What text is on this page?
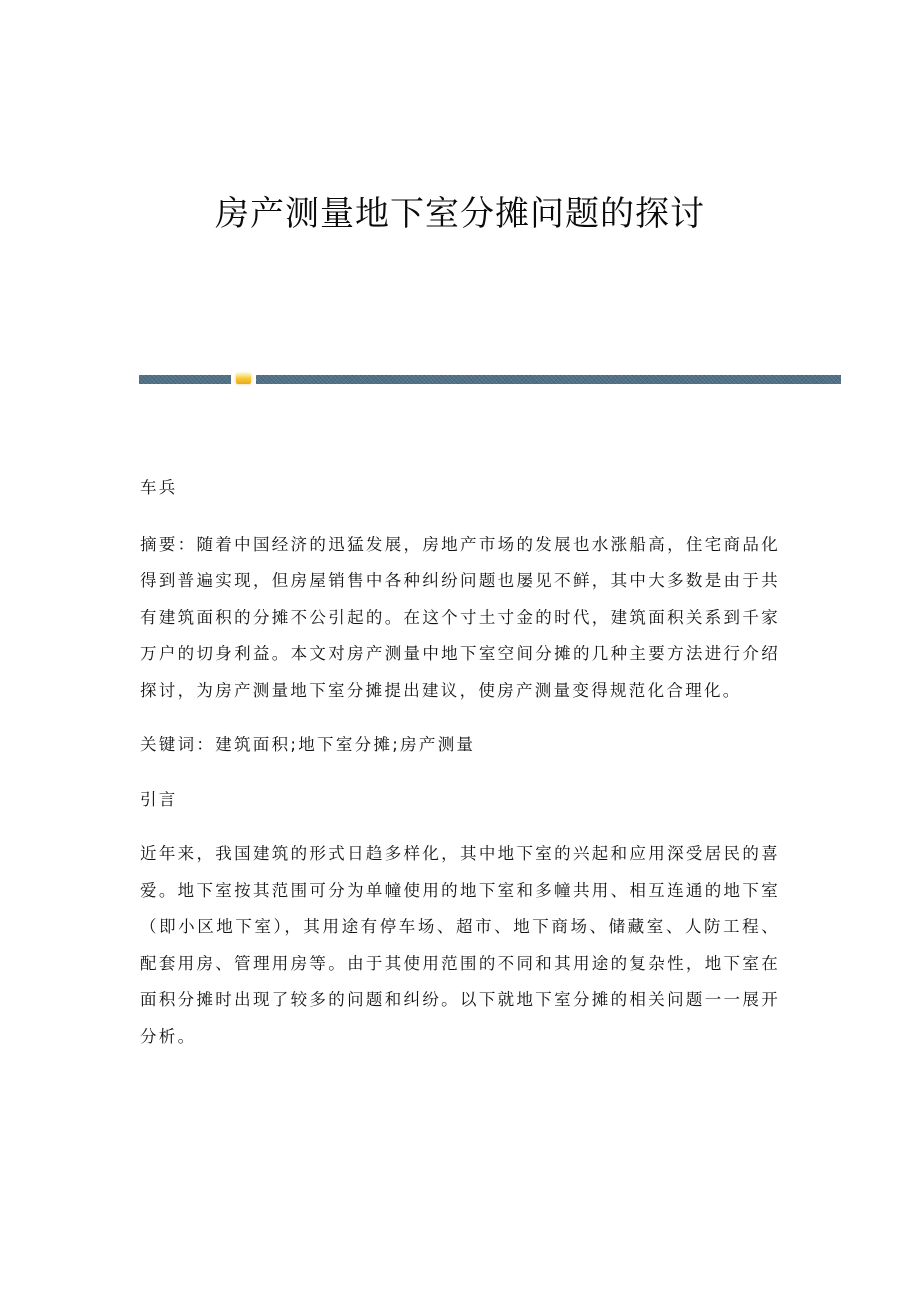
房产测量地下室分摊问题的探讨

车兵

摘要：随着中国经济的迅猛发展，房地产市场的发展也水涨船高，住宅商品化得到普遍实现，但房屋销售中各种纠纷问题也屡见不鲜，其中大多数是由于共有建筑面积的分摊不公引起的。在这个寸土寸金的时代，建筑面积关系到千家万户的切身利益。本文对房产测量中地下室空间分摊的几种主要方法进行介绍探讨，为房产测量地下室分摊提出建议，使房产测量变得规范化合理化。

关键词：建筑面积;地下室分摊;房产测量

引言

近年来，我国建筑的形式日趋多样化，其中地下室的兴起和应用深受居民的喜爱。地下室按其范围可分为单幢使用的地下室和多幢共用、相互连通的地下室（即小区地下室），其用途有停车场、超市、地下商场、储藏室、人防工程、配套用房、管理用房等。由于其使用范围的不同和其用途的复杂性，地下室在面积分摊时出现了较多的问题和纠纷。以下就地下室分摊的相关问题一一展开分析。
